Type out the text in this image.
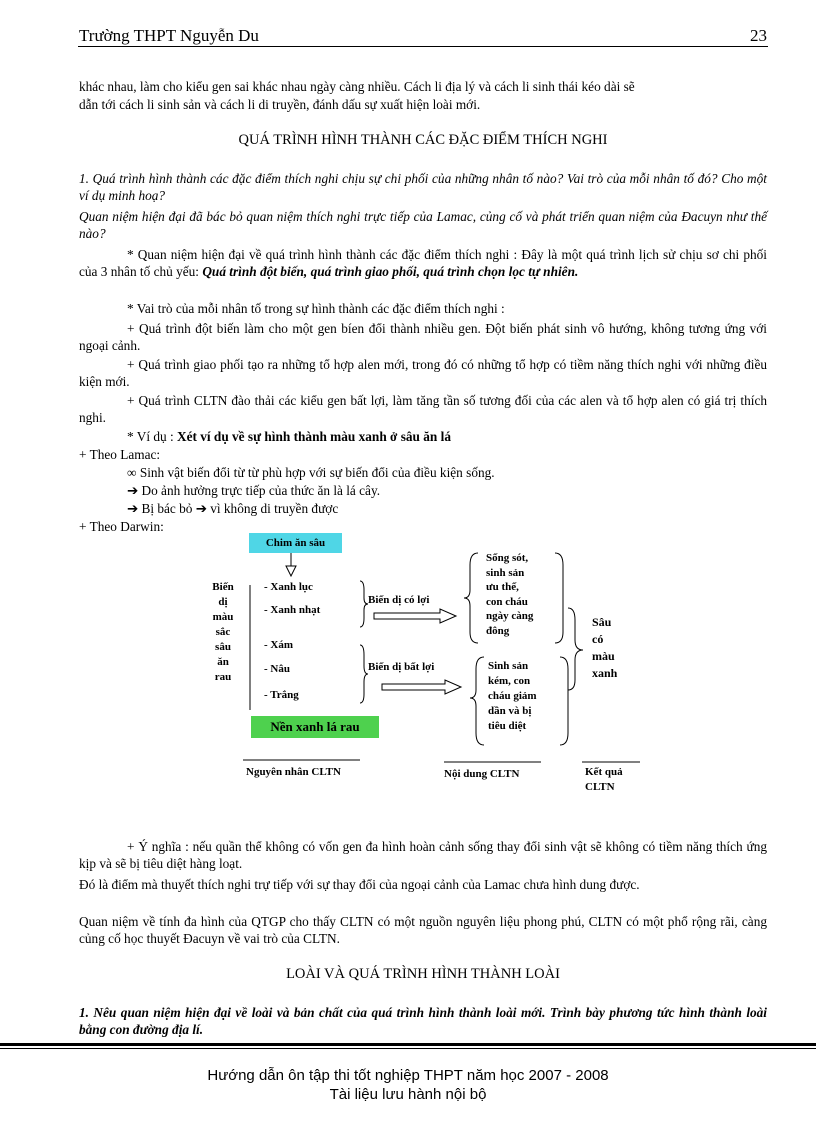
Trường THPT Nguyễn Du	23
khác nhau, làm cho kiểu gen sai khác nhau ngày càng nhiều. Cách li địa lý và cách li sinh thái kéo dài sẽ
dẫn tới cách li sinh sản và cách li di truyền, đánh dấu sự xuất hiện loài mới.
QUÁ TRÌNH HÌNH THÀNH CÁC ĐẶC ĐIỂM THÍCH NGHI
1. Quá trình hình thành các đặc điểm thích nghi chịu sự chi phối của những nhân tố nào? Vai trò của mỗi nhân tố đó? Cho một ví dụ minh hoạ?
Quan niệm hiện đại đã bác bỏ quan niệm thích nghi trực tiếp của Lamac, củng cố và phát triển quan niệm của Đacuyn như thế nào?
* Quan niệm hiện đại về quá trình hình thành các đặc điểm thích nghi : Đây là một quá trình lịch sử chịu sơ chi phối của 3 nhân tố chủ yếu: Quá trình đột biến, quá trình giao phối, quá trình chọn lọc tự nhiên.
* Vai trò của mỗi nhân tố trong sự hình thành các đặc điểm thích nghi :
+ Quá trình đột biến làm cho một gen bíen đổi thành nhiều gen. Đột biến phát sinh vô hướng, không tương ứng với ngoại cảnh.
+ Quá trình giao phối tạo ra những tổ hợp alen mới, trong đó có những tổ hợp có tiềm năng thích nghi với những điều kiện mới.
+ Quá trình CLTN đào thải các kiểu gen bất lợi, làm tăng tần số tương đối của các alen và tổ hợp alen có giá trị thích nghi.
* Ví dụ : Xét ví dụ về sự hình thành màu xanh ở sâu ăn lá
+ Theo Lamac:
∞ Sinh vật biến đổi từ từ phù hợp với sự biến đổi của điều kiện sống.
➔ Do ảnh hưởng trực tiếp của thức ăn là lá cây.
➔ Bị bác bỏ ➔ vì không di truyền được
+ Theo Darwin:
Chim ăn sâu
Biến
dị
màu
sắc
sâu
ăn
rau
- Xanh lục
- Xanh nhạt
- Xám
- Nâu
- Trắng
Biến dị có lợi
Biến dị bất lợi
Sống sót,
sinh sản
ưu thế,
con cháu
ngày càng
đông
Sinh sản
kém, con
cháu giảm
dần và bị
tiêu diệt
Sâu
có
màu
xanh
Nền xanh lá rau
Nguyên nhân CLTN	Nội dung CLTN	Kết quả
CLTN
+ Ý nghĩa : nếu quần thể không có vốn gen đa hình hoàn cảnh sống thay đổi sinh vật sẽ không có tiềm năng thích ứng kịp và sẽ bị tiêu diệt hàng loạt.
Đó là điểm mà thuyết thích nghi trự tiếp với sự thay đổi của ngoại cảnh của Lamac chưa hình dung được.
Quan niệm về tính đa hình của QTGP cho thấy CLTN có một nguồn nguyên liệu phong phú, CLTN có một phổ rộng rãi, càng củng cố học thuyết Đacuyn về vai trò của CLTN.
LOÀI VÀ QUÁ TRÌNH HÌNH THÀNH LOÀI
1. Nêu quan niệm hiện đại về loài và bản chất của quá trình hình thành loài mới. Trình bày phương tức hình thành loài bằng con đường địa lí.
Hướng dẫn ôn tập thi tốt nghiệp THPT năm học 2007 - 2008
Tài liệu lưu hành nội bộ
